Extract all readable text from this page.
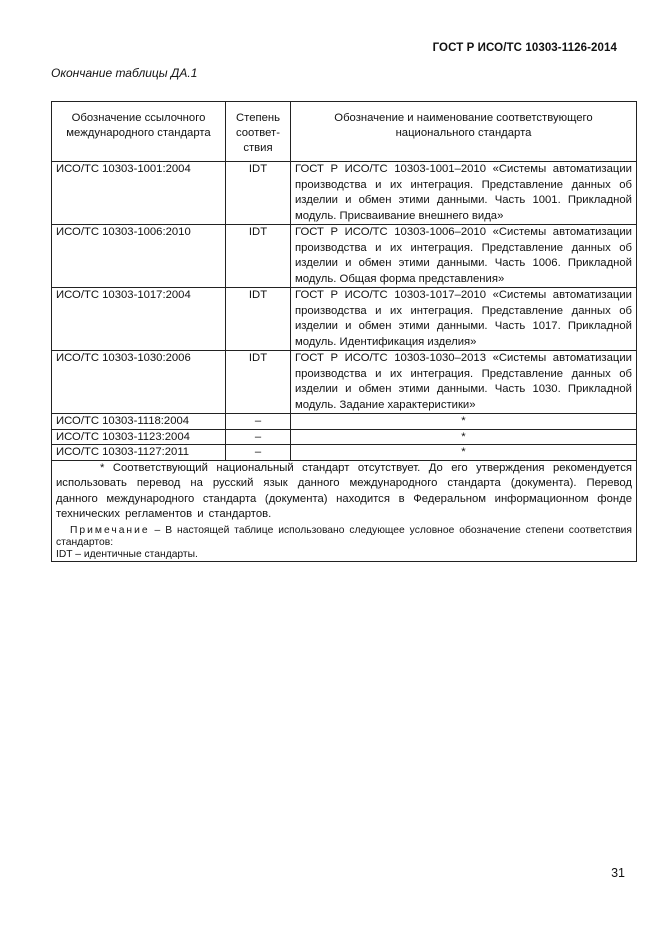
ГОСТ Р ИСО/ТС 10303-1126-2014
Окончание таблицы ДА.1
Обозначение ссылочного международного стандарта	Степень соответ-ствия	Обозначение и наименование соответствующего национального стандарта
ИСО/ТС 10303-1001:2004	IDT	ГОСТ Р ИСО/ТС 10303-1001–2010 «Системы автоматизации производства и их интеграция. Представление данных об изделии и обмен этими данными. Часть 1001. Прикладной модуль. Присваивание внешнего вида»
ИСО/ТС 10303-1006:2010	IDT	ГОСТ Р ИСО/ТС 10303-1006–2010 «Системы автоматизации производства и их интеграция. Представление данных об изделии и обмен этими данными. Часть 1006. Прикладной модуль. Общая форма представления»
ИСО/ТС 10303-1017:2004	IDT	ГОСТ Р ИСО/ТС 10303-1017–2010 «Системы автоматизации производства и их интеграция. Представление данных об изделии и обмен этими данными. Часть 1017. Прикладной модуль. Идентификация изделия»
ИСО/ТС 10303-1030:2006	IDT	ГОСТ Р ИСО/ТС 10303-1030–2013 «Системы автоматизации производства и их интеграция. Представление данных об изделии и обмен этими данными. Часть 1030. Прикладной модуль. Задание характеристики»
ИСО/ТС 10303-1118:2004	–	*
ИСО/ТС 10303-1123:2004	–	*
ИСО/ТС 10303-1127:2011	–	*

* Соответствующий национальный стандарт отсутствует. До его утверждения рекомендуется использовать перевод на русский язык данного международного стандарта (документа). Перевод данного международного стандарта (документа) находится в Федеральном информационном фонде технических регламентов и стандартов.
Примечание – В настоящей таблице использовано следующее условное обозначение степени соответствия стандартов:
IDT – идентичные стандарты.		
31
